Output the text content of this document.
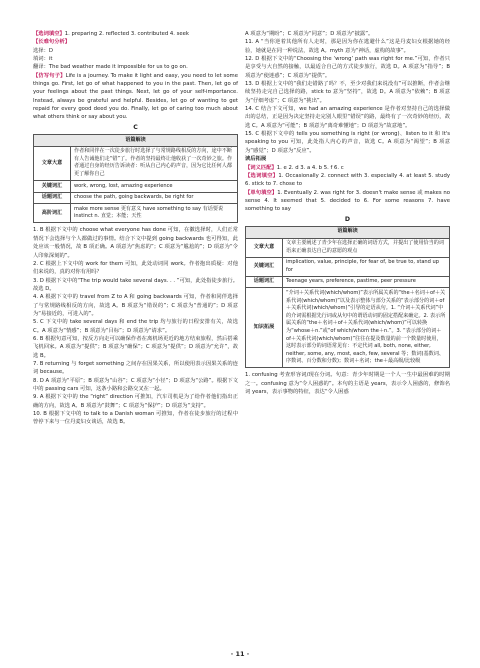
【选词填空】1. preparing 2. reflected 3. contributed 4. seek

【长难句分析】

选择：D

填词：it

翻译：The bad weather made it impossible for us to go on.

【仿写句子】Life is a journey. To make it light and easy, you need to let some things go. First, let go of what happened to you in the past. Then, let go of your feelings about the past things. Next, let go of your self-importance. Instead, always be grateful and helpful. Besides, let go of wanting to get repaid for every good deed you do. Finally, let go of caring too much about what others think or say about you.

C
语篇解读	
文章大意	作者和同伴在一次徒步旅行时选择了与常规路线相反的方向，途中不断有人告诫他们走“错”了。作者的坚持最终让他收获了一次奇妙之旅。作者通过自身的经历告诉读者：听从自己内心的声音，因为它比任何人都更了解你自己
关键词汇	work, wrong, lost, amazing experience
话题词汇	choose the path, going backwards, be right for
高阶词汇	make more sense 更有意义 have something to say 有话要说 instinct n. 直觉；本能；天性

1. B 根据下文中的 choose what everyone has done 可知，在徽选择时，人们正常情况下会选择与个人都做过的事情。结合下文中提到 going backwards 也可得知，此处应该一般情况，故 B 项正确。A 项意为“焦虑的”；C 项意为“尴尬的”；D 项意为“令人印象深刻的”。

2. C 根据上下文中的 work for them 可知，此处动词同 work。作者抱出质疑：对他们来说的，真的对你有用吗？

3. D 根据下文中的“The trip would take several days. . . ”可知，此处指徒步旅行。故选 D。

4. A 根据下文中的 travel from Z to A 和 going backwards 可知，作者和同伴选择了与常规路线相反的方向，故选 A。B 项意为“错误的”；C 项意为“普通的”；D 项意为“易接近的，可进入的”。

5. C 下文中的 take several days 和 end the trip 均与旅行的日程安排有关，故选 C。A 项意为“情感”；B 项意为“目标”；D 项意为“请求”。

6. B 根据句意可知，按反方向走可以确保作者在离机场更近的地方结束旅程，然后搭乘飞机回家。A 项意为“提供”；B 项意为“确保”；C 项意为“提供”；D 项意为“允许”，故选 B。

7. B returning 与 forget something 之间存在因果关系，所以使用表示因果关系的连词 because。

8. D A 项意为“平原”；B 项意为“山谷”；C 项意为“小径”；D 项意为“公路”。根据下文中的 passing cars 可知，这条小路和公路交叉在一起。

9. A 根据下文中的 the “right” direction 可推知，汽车司机是为了给作者他们指出正确的方向，故选 A。B 项意为“鼓舞”；C 项意为“保护”；D 项意为“支持”。

10. B 根据下文中的 to talk to a Danish woman 可推知，作者在徒步旅行的过程中曾停下来与一位丹麦妇女谈话，故选 B。

A 项意为“期盼”；C 项意为“同意”；D 项意为“披露”。

11. A “当你逆着其他所有人走时，那是因为你在逃避什么”这是丹麦妇女根据她的经验，她就是在同一种说法，故选 A。myth 意为“神话，虚构的故事”。

12. D 根据下文中的“Choosing the ‘wrong’ path was right for me.”可知，作者只是享受与大自然的接触，以最适合自己的方式徒步旅行，故选 D。A 项意为“指导”；B 项意为“使迷惑”；C 项意为“提供”。

13. D 根据上文中的“我们走错路了吗？不，至少对我们来说没有”可以推断，作者会继续坚持走完自己选择的路，stick to 意为“坚持”，故选 D。A 项意为“依赖”；B 项意为“仔细考虑”；C 项意为“挑出”。

14. C 结合下文可知，we had an amazing experience 是作者对坚持自己的选择做出的总结，正是因为决定坚持走完别人眼里“错误”的路，最终有了一次奇妙的经历，故选 C。A 项意为“可能”；B 项意为“离奇难懂地”；D 项意为“故意地”。

15. C 根据下文中的 tells you something is right (or wrong)、listen to it 和 It's speaking to you 可知，此处指人内心的声音，故选 C。A 项意为“渴望”；B 项意为“感觉”；D 项意为“反应”。

读后拓展

【词义匹配】1. e 2. d 3. a 4. b 5. f 6. c

【选词填空】1. Occasionally 2. connect with 3. especially 4. at least 5. study 6. stick to 7. chose to

【单句填空】1. Eventually 2. was right for 3. doesn't make sense 或 makes no sense 4. It seemed that 5. decided to 6. For some reasons 7. have something to say

D
语篇解读	
文章大意	文章主要阐述了青少年在选择正确的词语方式，并提出了使用恰当的词语来正确表达自己的意愿的观点
关键词汇	implication, value, principle, for fear of, be true to, stand up for
话题词汇	Teenage years, preference, pastime, peer pressure
知识拓展	“介词＋关系代词(which/whom)”表示所属关系的“the＋名词＋of＋关系代词(which/whom)”以及表示整体与部分关系的“表示部分的词＋of＋关系代词(which/whom)”引导的定语从句。1. “介词＋关系代词”中的介词需根据先行词或从句中的谓语动词的固定搭配来确定。2. 表示所属关系的“the＋名词＋of＋关系代词(which/whom)”可以转换为“whose＋n.”或“of which/whom the＋n.”。3. “表示部分的词＋of＋关系代词(which/whom)”往往在提及数量的前一个数量时使用，这时表示部分的词语常见有：不定代词 all, both, none, either, neither, some, any, most, each, few, several 等；数词(基数词、序数词、百分数和分数)；数词＋名词；the＋最高级/比较级

1. confusing 考查形容词/现在分词。句意：青少年时期是一个人一生中最困难的时期之一。confusing 意为“令人困惑的”。本句的主语是 years，表示令人困惑的，修饰名词 years，表示事物的特征，表达“令人困惑

· 11 ·
